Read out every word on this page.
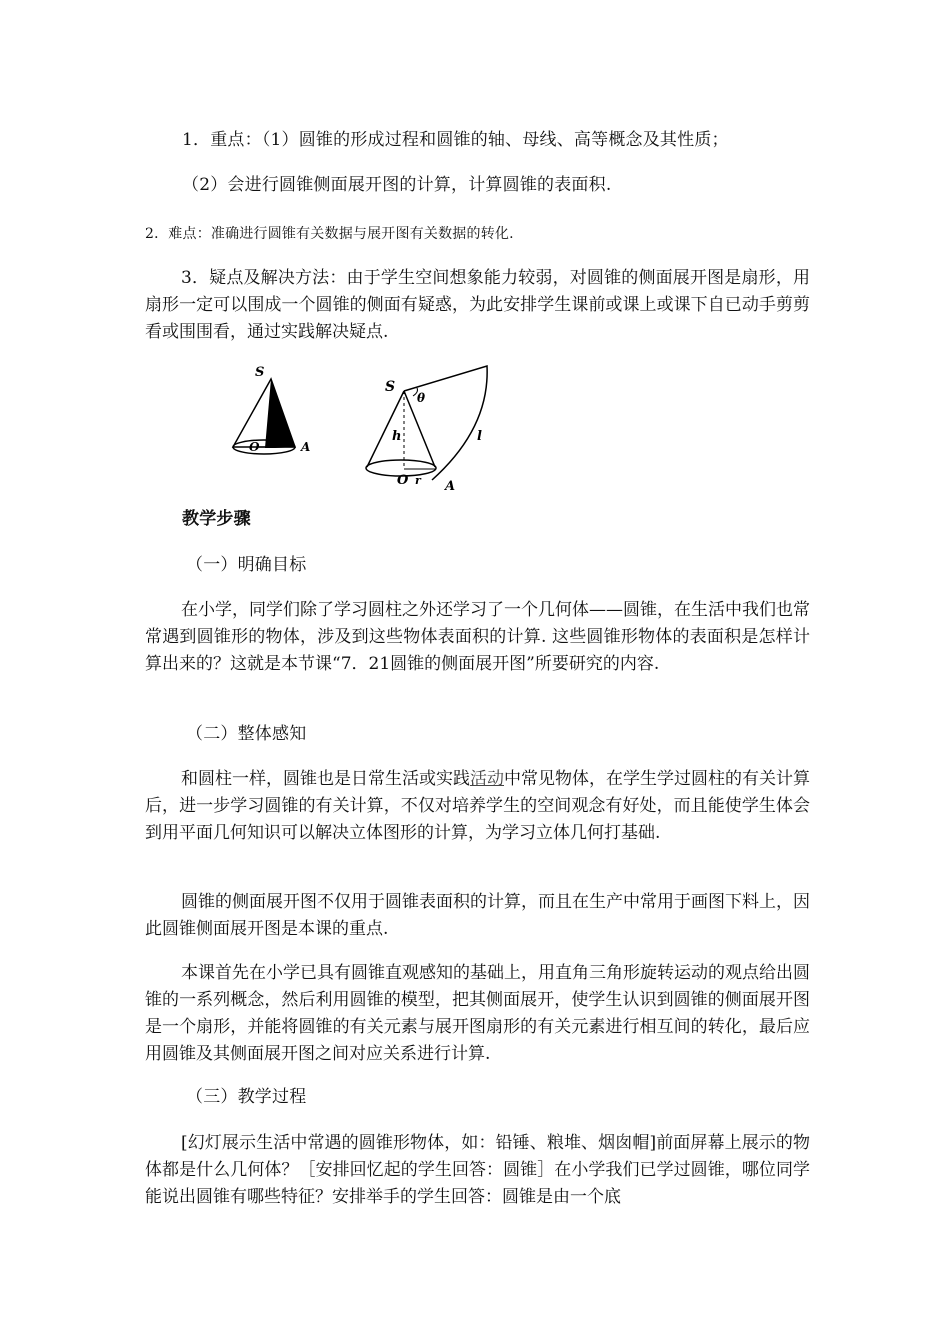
1．重点：（1）圆锥的形成过程和圆锥的轴、母线、高等概念及其性质；
（2）会进行圆锥侧面展开图的计算，计算圆锥的表面积.
2．难点：准确进行圆锥有关数据与展开图有关数据的转化.
3．疑点及解决方法：由于学生空间想象能力较弱，对圆锥的侧面展开图是扇形，用扇形一定可以围成一个圆锥的侧面有疑惑，为此安排学生课前或课上或课下自已动手剪剪看或围围看，通过实践解决疑点.
S
O	A
S
θ
h	l
O r A
教学步骤
（一）明确目标
在小学，同学们除了学习圆柱之外还学习了一个几何体——圆锥，在生活中我们也常常遇到圆锥形的物体，涉及到这些物体表面积的计算. 这些圆锥形物体的表面积是怎样计算出来的？这就是本节课“7．21圆锥的侧面展开图”所要研究的内容.
（二）整体感知
和圆柱一样，圆锥也是日常生活或实践活动中常见物体，在学生学过圆柱的有关计算后，进一步学习圆锥的有关计算，不仅对培养学生的空间观念有好处，而且能使学生体会到用平面几何知识可以解决立体图形的计算，为学习立体几何打基础.
圆锥的侧面展开图不仅用于圆锥表面积的计算，而且在生产中常用于画图下料上，因此圆锥侧面展开图是本课的重点.
本课首先在小学已具有圆锥直观感知的基础上，用直角三角形旋转运动的观点给出圆锥的一系列概念，然后利用圆锥的模型，把其侧面展开，使学生认识到圆锥的侧面展开图是一个扇形，并能将圆锥的有关元素与展开图扇形的有关元素进行相互间的转化，最后应用圆锥及其侧面展开图之间对应关系进行计算.
（三）教学过程
[幻灯展示生活中常遇的圆锥形物体，如：铅锤、粮堆、烟囱帽]前面屏幕上展示的物体都是什么几何体？［安排回忆起的学生回答：圆锥］在小学我们已学过圆锥，哪位同学能说出圆锥有哪些特征？安排举手的学生回答：圆锥是由一个底
